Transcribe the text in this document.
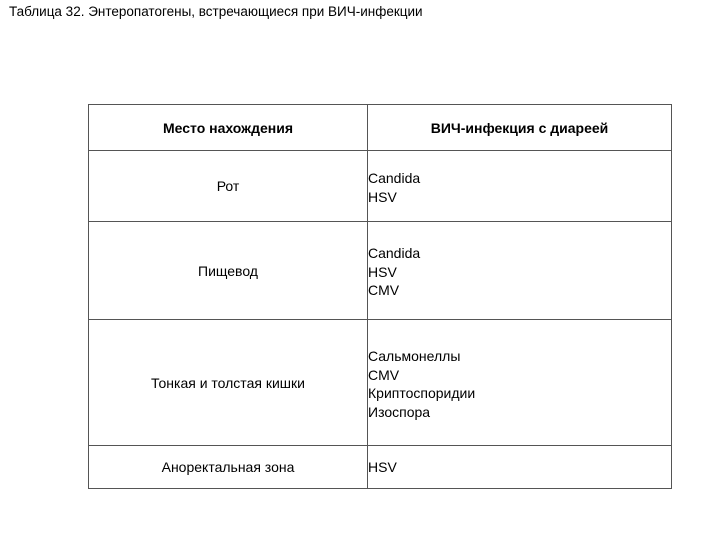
Таблица 32. Энтеропатогены, встречающиеся при ВИЧ-инфекции
Место нахождения	ВИЧ-инфекция с диареей
Рот	Candida
HSV

Пищевод	Candida
HSV
CMV

Тонкая и толстая кишки	Сальмонеллы
CMV
Криптоспоридии
Изоспора

Аноректальная зона	HSV
